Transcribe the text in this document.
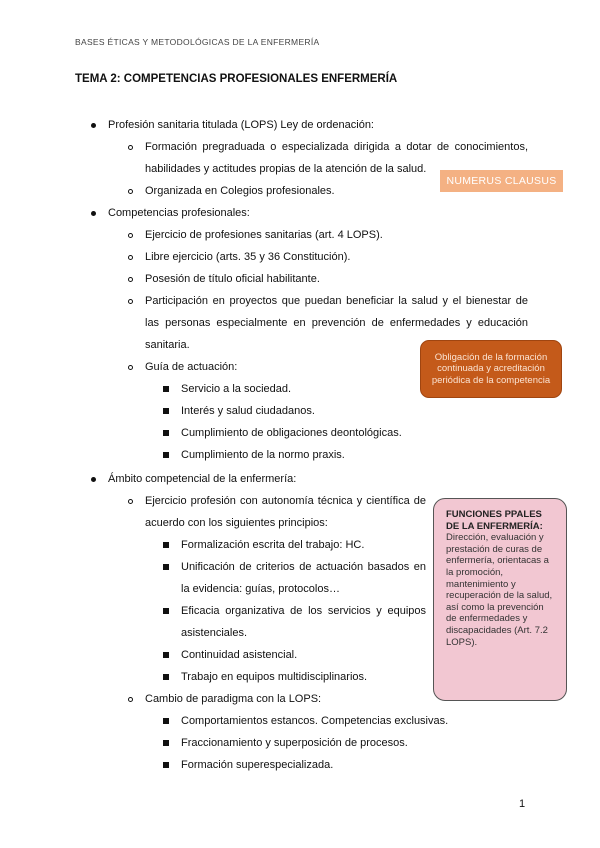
BASES ÉTICAS Y METODOLÓGICAS DE LA ENFERMERÍA
TEMA 2: COMPETENCIAS PROFESIONALES ENFERMERÍA
Profesión sanitaria titulada (LOPS) Ley de ordenación:
Formación pregraduada o especializada dirigida a dotar de conocimientos,
habilidades y actitudes propias de la atención de la salud.
Organizada en Colegios profesionales.
NUMERUS CLAUSUS
Competencias profesionales:
Ejercicio de profesiones sanitarias (art. 4 LOPS).
Libre ejercicio (arts. 35 y 36 Constitución).
Posesión de título oficial habilitante.
Participación en proyectos que puedan beneficiar la salud y el bienestar de
las personas especialmente en prevención de enfermedades y educación
sanitaria.
Guía de actuación:
Servicio a la sociedad.
Interés y salud ciudadanos.
Cumplimiento de obligaciones deontológicas.
Cumplimiento de la normo praxis.
Obligación de la formación continuada y acreditación periódica de la competencia
Ámbito competencial de la enfermería:
Ejercicio profesión con autonomía técnica y científica de
acuerdo con los siguientes principios:
Formalización escrita del trabajo: HC.
Unificación de criterios de actuación basados en
la evidencia: guías, protocolos…
Eficacia organizativa de los servicios y equipos
asistenciales.
Continuidad asistencial.
Trabajo en equipos multidisciplinarios.
Cambio de paradigma con la LOPS:
Comportamientos estancos. Competencias exclusivas.
Fraccionamiento y superposición de procesos.
Formación superespecializada.
FUNCIONES PPALES DE LA ENFERMERÍA:
Dirección, evaluación y prestación de curas de enfermería, orientacas a la promoción, mantenimiento y recuperación de la salud, así como la prevención de enfermedades y discapacidades (Art. 7.2 LOPS).
1
